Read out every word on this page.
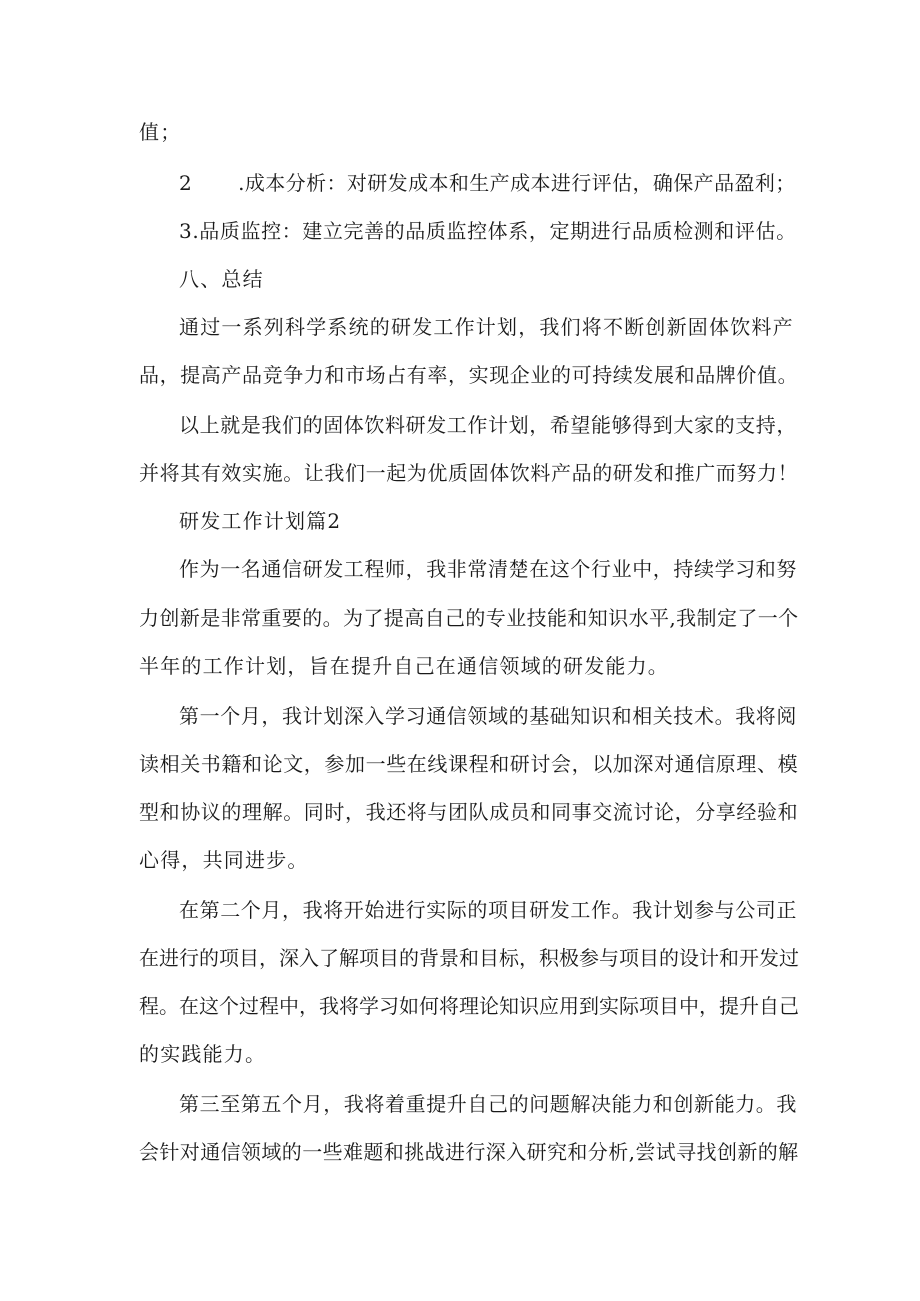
值；
2 .成本分析：对研发成本和生产成本进行评估，确保产品盈利；
3.品质监控：建立完善的品质监控体系，定期进行品质检测和评估。
八、总结
通过一系列科学系统的研发工作计划，我们将不断创新固体饮料产
品，提高产品竞争力和市场占有率，实现企业的可持续发展和品牌价值。
以上就是我们的固体饮料研发工作计划，希望能够得到大家的支持，
并将其有效实施。让我们一起为优质固体饮料产品的研发和推广而努力！
研发工作计划篇2
作为一名通信研发工程师，我非常清楚在这个行业中，持续学习和努
力创新是非常重要的。为了提高自己的专业技能和知识水平,我制定了一个
半年的工作计划，旨在提升自己在通信领域的研发能力。
第一个月，我计划深入学习通信领域的基础知识和相关技术。我将阅
读相关书籍和论文，参加一些在线课程和研讨会，以加深对通信原理、模
型和协议的理解。同时，我还将与团队成员和同事交流讨论，分享经验和
心得，共同进步。
在第二个月，我将开始进行实际的项目研发工作。我计划参与公司正
在进行的项目，深入了解项目的背景和目标，积极参与项目的设计和开发过
程。在这个过程中，我将学习如何将理论知识应用到实际项目中，提升自己
的实践能力。
第三至第五个月，我将着重提升自己的问题解决能力和创新能力。我
会针对通信领域的一些难题和挑战进行深入研究和分析,尝试寻找创新的解
